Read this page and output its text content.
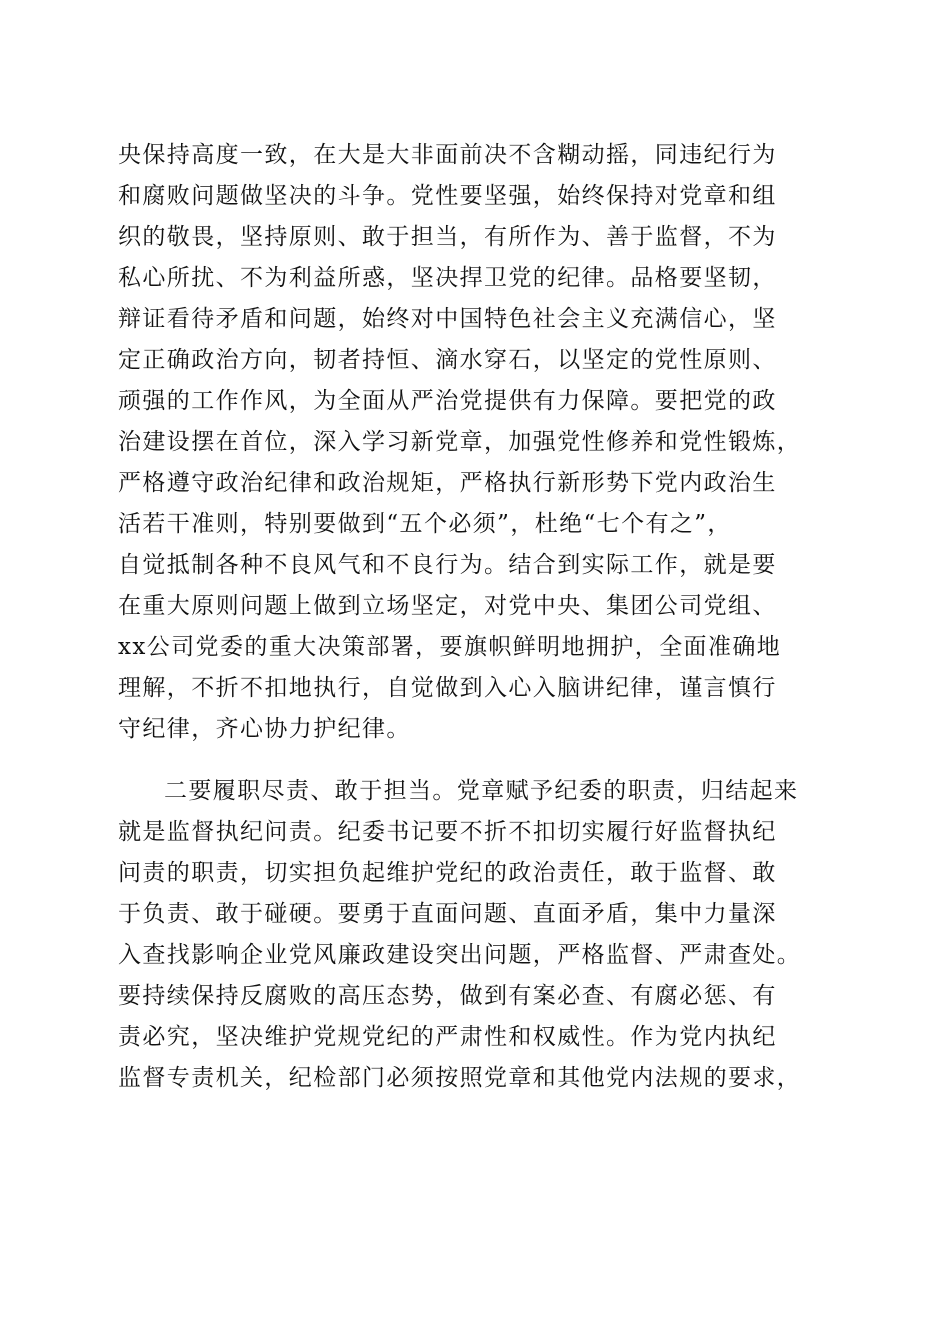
央保持高度一致，在大是大非面前决不含糊动摇，同违纪行为
和腐败问题做坚决的斗争。党性要坚强，始终保持对党章和组
织的敬畏，坚持原则、敢于担当，有所作为、善于监督，不为
私心所扰、不为利益所惑，坚决捍卫党的纪律。品格要坚韧，
辩证看待矛盾和问题，始终对中国特色社会主义充满信心，坚
定正确政治方向，韧者持恒、滴水穿石，以坚定的党性原则、
顽强的工作作风，为全面从严治党提供有力保障。要把党的政
治建设摆在首位，深入学习新党章，加强党性修养和党性锻炼，
严格遵守政治纪律和政治规矩，严格执行新形势下党内政治生
活若干准则，特别要做到“五个必须”，杜绝“七个有之”，
自觉抵制各种不良风气和不良行为。结合到实际工作，就是要
在重大原则问题上做到立场坚定，对党中央、集团公司党组、
xx公司党委的重大决策部署，要旗帜鲜明地拥护，全面准确地
理解，不折不扣地执行，自觉做到入心入脑讲纪律，谨言慎行
守纪律，齐心协力护纪律。
二要履职尽责、敢于担当。党章赋予纪委的职责，归结起来
就是监督执纪问责。纪委书记要不折不扣切实履行好监督执纪
问责的职责，切实担负起维护党纪的政治责任，敢于监督、敢
于负责、敢于碰硬。要勇于直面问题、直面矛盾，集中力量深
入查找影响企业党风廉政建设突出问题，严格监督、严肃查处。
要持续保持反腐败的高压态势，做到有案必查、有腐必惩、有
责必究，坚决维护党规党纪的严肃性和权威性。作为党内执纪
监督专责机关，纪检部门必须按照党章和其他党内法规的要求，
